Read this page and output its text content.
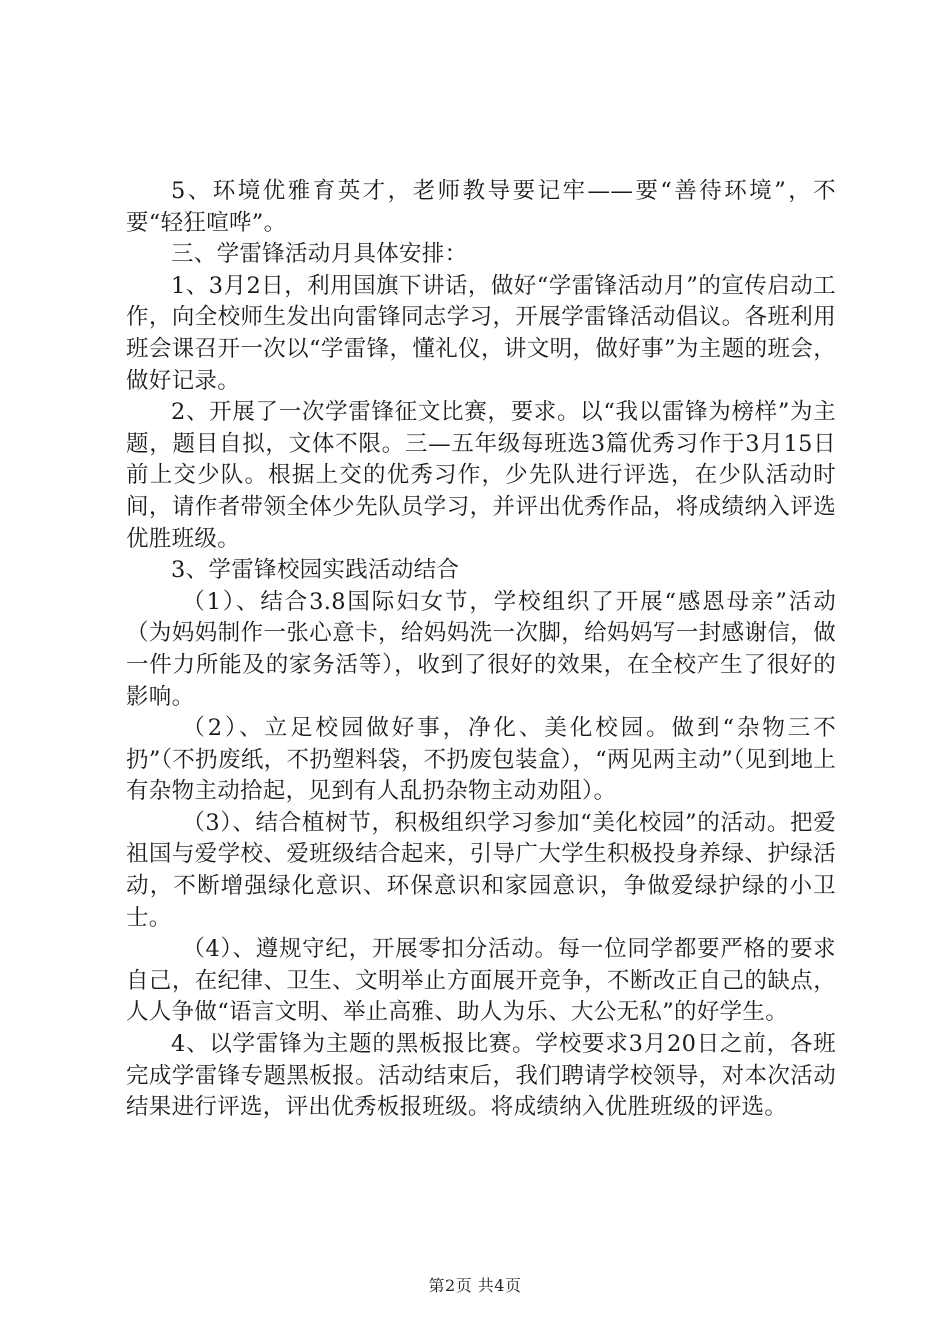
5、环境优雅育英才，老师教导要记牢——要“善待环境”，不要“轻狂喧哗”。

三、学雷锋活动月具体安排：

1、3月2日，利用国旗下讲话，做好“学雷锋活动月”的宣传启动工作，向全校师生发出向雷锋同志学习，开展学雷锋活动倡议。各班利用班会课召开一次以“学雷锋，懂礼仪，讲文明，做好事”为主题的班会，做好记录。

2、开展了一次学雷锋征文比赛，要求。以“我以雷锋为榜样”为主题，题目自拟，文体不限。三—五年级每班选3篇优秀习作于3月15日前上交少队。根据上交的优秀习作，少先队进行评选，在少队活动时间，请作者带领全体少先队员学习，并评出优秀作品，将成绩纳入评选优胜班级。

3、学雷锋校园实践活动结合

（1）、结合3.8国际妇女节，学校组织了开展“感恩母亲”活动（为妈妈制作一张心意卡，给妈妈洗一次脚，给妈妈写一封感谢信，做一件力所能及的家务活等），收到了很好的效果，在全校产生了很好的影响。

（2）、立足校园做好事，净化、美化校园。做到“杂物三不扔”（不扔废纸，不扔塑料袋，不扔废包装盒），“两见两主动”（见到地上有杂物主动拾起，见到有人乱扔杂物主动劝阻）。

（3）、结合植树节，积极组织学习参加“美化校园”的活动。把爱祖国与爱学校、爱班级结合起来，引导广大学生积极投身养绿、护绿活动，不断增强绿化意识、环保意识和家园意识，争做爱绿护绿的小卫士。

（4）、遵规守纪，开展零扣分活动。每一位同学都要严格的要求自己，在纪律、卫生、文明举止方面展开竞争，不断改正自己的缺点，人人争做“语言文明、举止高雅、助人为乐、大公无私”的好学生。

4、以学雷锋为主题的黑板报比赛。学校要求3月20日之前，各班完成学雷锋专题黑板报。活动结束后，我们聘请学校领导，对本次活动结果进行评选，评出优秀板报班级。将成绩纳入优胜班级的评选。

第2页 共4页
